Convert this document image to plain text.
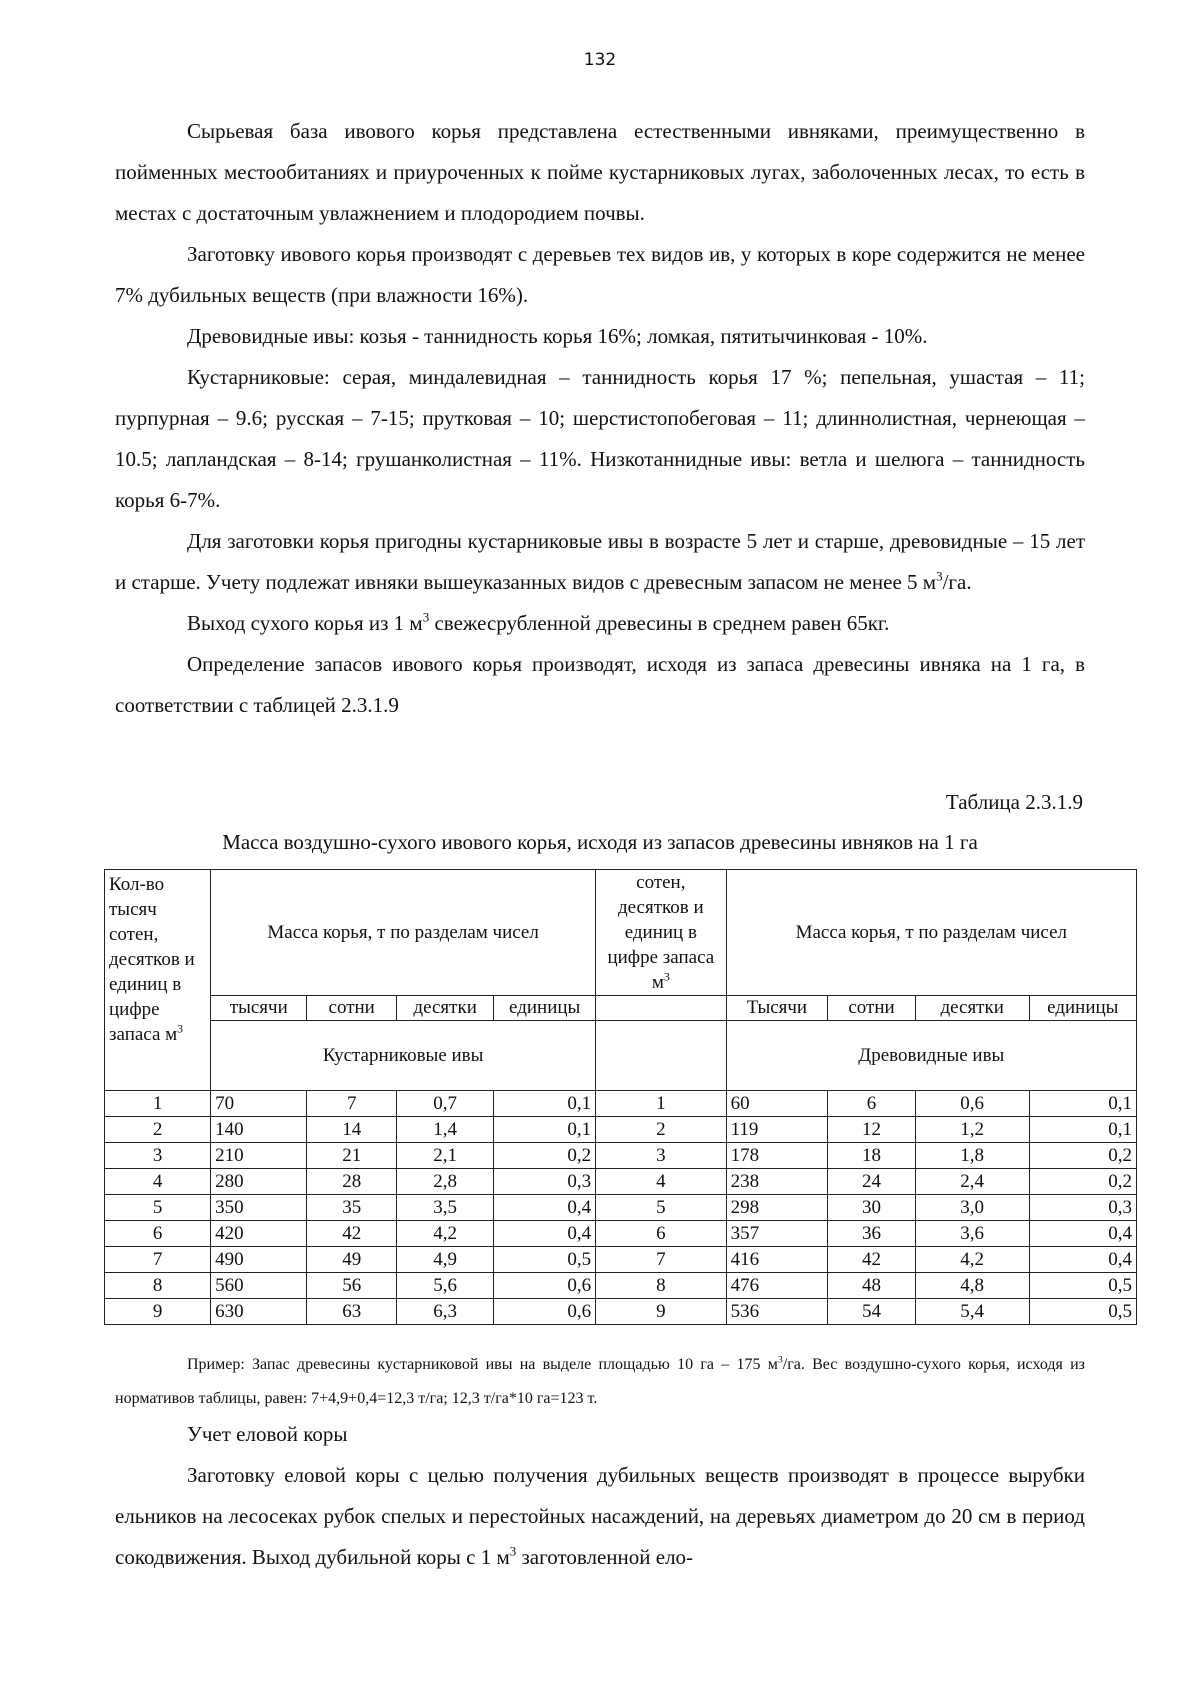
132

Сырьевая база ивового корья представлена естественными ивняками, преимущественно в пойменных местообитаниях и приуроченных к пойме кустарниковых лугах, заболоченных лесах, то есть в местах с достаточным увлажнением и плодородием почвы.

Заготовку ивового корья производят с деревьев тех видов ив, у которых в коре содержится не менее 7% дубильных веществ (при влажности 16%).

Древовидные ивы: козья - таннидность корья 16%; ломкая, пятитычинковая - 10%.

Кустарниковые: серая, миндалевидная – таннидность корья 17 %; пепельная, ушастая – 11; пурпурная – 9.6; русская – 7-15; прутковая – 10; шерстистопобеговая – 11; длиннолистная, чернеющая – 10.5; лапландская – 8-14; грушанколистная – 11%. Низкотаннидные ивы: ветла и шелюга – таннидность корья 6-7%.

Для заготовки корья пригодны кустарниковые ивы в возрасте 5 лет и старше, древовидные – 15 лет и старше. Учету подлежат ивняки вышеуказанных видов с древесным запасом не менее 5 $м^3/га$.

Выход сухого корья из 1 $м^3$ свежесрубленной древесины в среднем равен 65кг.

Определение запасов ивового корья производят, исходя из запаса древесины ивняка на 1 га, в соответствии с таблицей 2.3.1.9

Таблица 2.3.1.9
Масса воздушно-сухого ивового корья, исходя из запасов древесины ивняков на 1 га
Кол-во тысяч сотен, десятков и единиц в цифре запаса $м^3$	Масса корья, т по разделам чисел				сотен, десятков и единиц в цифре запаса $м^3$	Масса корья, т по разделам чисел			
	тысячи	сотни	десятки	единицы		Тысячи	сотни	десятки	единицы
	Кустарниковые ивы					Древовидные ивы			
1	70	7	0,7	0,1	1	60	6	0,6	0,1
2	140	14	1,4	0,1	2	119	12	1,2	0,1
3	210	21	2,1	0,2	3	178	18	1,8	0,2
4	280	28	2,8	0,3	4	238	24	2,4	0,2
5	350	35	3,5	0,4	5	298	30	3,0	0,3
6	420	42	4,2	0,4	6	357	36	3,6	0,4
7	490	49	4,9	0,5	7	416	42	4,2	0,4
8	560	56	5,6	0,6	8	476	48	4,8	0,5
9	630	63	6,3	0,6	9	536	54	5,4	0,5
Пример: Запас древесины кустарниковой ивы на выделе площадью 10 га – 175 $м^3/га$. Вес воздушно-сухого корья, исходя из нормативов таблицы, равен: 7+4,9+0,4=12,3 т/га; 12,3 т/га*10 га=123 т.

Учет еловой коры

Заготовку еловой коры с целью получения дубильных веществ производят в процессе вырубки ельников на лесосеках рубок спелых и перестойных насаждений, на деревьях диаметром до 20 см в период сокодвижения. Выход дубильной коры с 1 $м^3$ заготовленной ело-
